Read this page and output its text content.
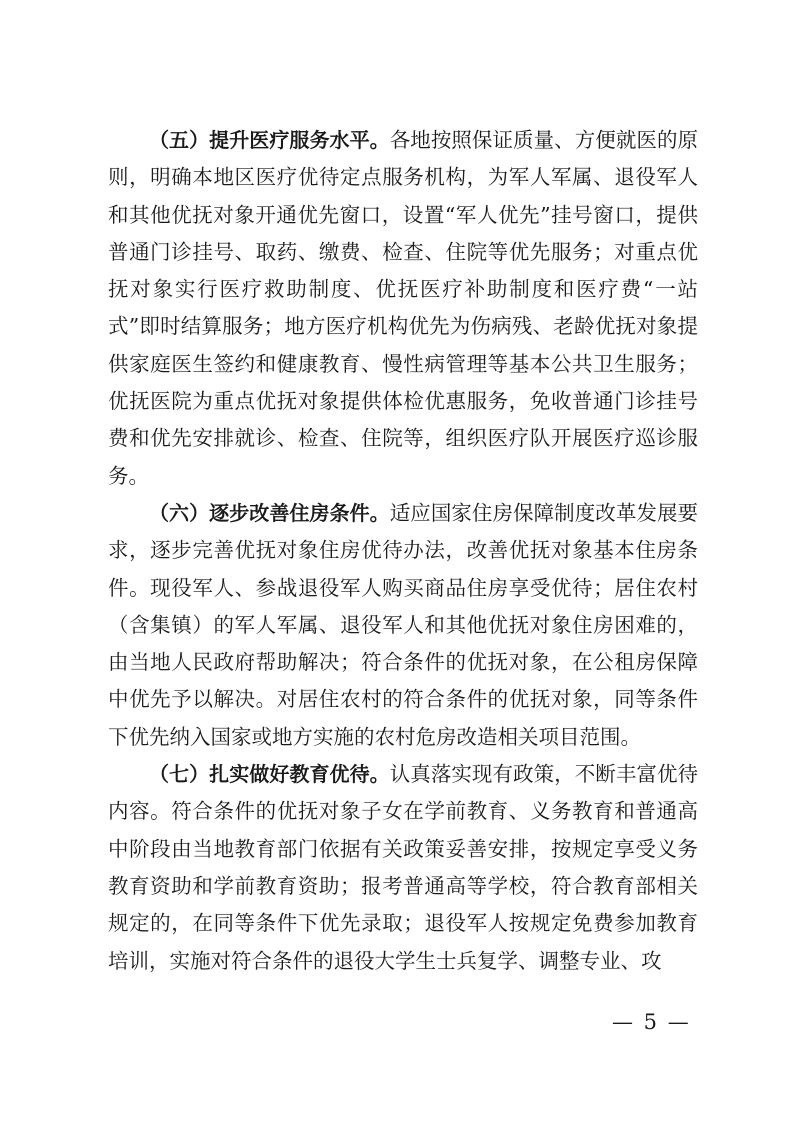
（五）提升医疗服务水平。各地按照保证质量、方便就医的原则，明确本地区医疗优待定点服务机构，为军人军属、退役军人和其他优抚对象开通优先窗口，设置“军人优先”挂号窗口，提供普通门诊挂号、取药、缴费、检查、住院等优先服务；对重点优抚对象实行医疗救助制度、优抚医疗补助制度和医疗费“一站式”即时结算服务；地方医疗机构优先为伤病残、老龄优抚对象提供家庭医生签约和健康教育、慢性病管理等基本公共卫生服务；优抚医院为重点优抚对象提供体检优惠服务，免收普通门诊挂号费和优先安排就诊、检查、住院等，组织医疗队开展医疗巡诊服务。

（六）逐步改善住房条件。适应国家住房保障制度改革发展要求，逐步完善优抚对象住房优待办法，改善优抚对象基本住房条件。现役军人、参战退役军人购买商品住房享受优待；居住农村（含集镇）的军人军属、退役军人和其他优抚对象住房困难的，由当地人民政府帮助解决；符合条件的优抚对象，在公租房保障中优先予以解决。对居住农村的符合条件的优抚对象，同等条件下优先纳入国家或地方实施的农村危房改造相关项目范围。

（七）扎实做好教育优待。认真落实现有政策，不断丰富优待内容。符合条件的优抚对象子女在学前教育、义务教育和普通高中阶段由当地教育部门依据有关政策妥善安排，按规定享受义务教育资助和学前教育资助；报考普通高等学校，符合教育部相关规定的，在同等条件下优先录取；退役军人按规定免费参加教育培训，实施对符合条件的退役大学生士兵复学、调整专业、攻

— 5 —
